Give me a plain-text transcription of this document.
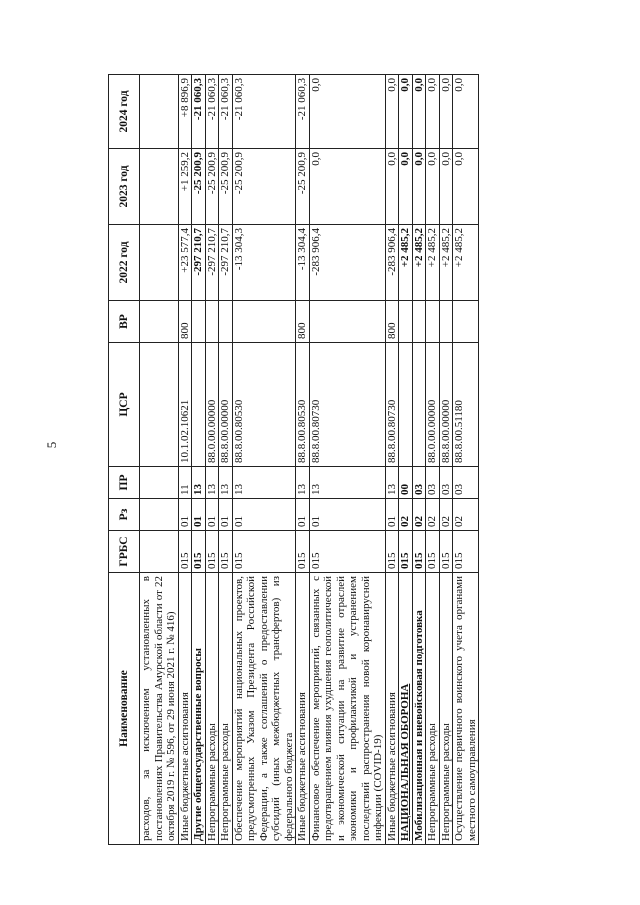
5
Наименование	ГРБС	Рз	ПР	ЦСР	ВР	2022 год	2023 год	2024 год
расходов, за исключением установленных в постановлениях Правительства Амурской области от 22 октября 2019 г. № 596, от 29 июня 2021 г. № 416)								
Иные бюджетные ассигнования	015	01	11	10.1.02.10621	800	+23 577,4	+1 259,2	+8 896,9
Другие общегосударственные вопросы	015	01	13			-297 210,7	-25 200,9	-21 060,3
Непрограммные расходы	015	01	13	88.0.00.00000		-297 210,7	-25 200,9	-21 060,3
Непрограммные расходы	015	01	13	88.8.00.00000		-297 210,7	-25 200,9	-21 060,3
Обеспечение мероприятий национальных проектов, предусмотренных Указом Президента Российской Федерации, а также соглашений о предоставлении субсидий (иных межбюджетных трансфертов) из федерального бюджета	015	01	13	88.8.00.80530		-13 304,3	-25 200,9	-21 060,3
Иные бюджетные ассигнования	015	01	13	88.8.00.80530	800	-13 304,4	-25 200,9	-21 060,3
Финансовое обеспечение мероприятий, связанных с предотвращением влияния ухудшения геополитической и экономической ситуации на развитие отраслей экономики и профилактикой и устранением последствий распространения новой коронавирусной инфекции (COVID-19)	015	01	13	88.8.00.80730		-283 906,4	0,0	0,0
Иные бюджетные ассигнования	015	01	13	88.8.00.80730	800	-283 906,4	0,0	0,0
НАЦИОНАЛЬНАЯ ОБОРОНА	015	02	00			+2 485,2	0,0	0,0
Мобилизационная и вневойсковая подготовка	015	02	03			+2 485,2	0,0	0,0
Непрограммные расходы	015	02	03	88.0.00.00000		+2 485,2	0,0	0,0
Непрограммные расходы	015	02	03	88.8.00.00000		+2 485,2	0,0	0,0
Осуществление первичного воинского учета органами местного самоуправления	015	02	03	88.8.00.51180		+2 485,2	0,0	0,0
